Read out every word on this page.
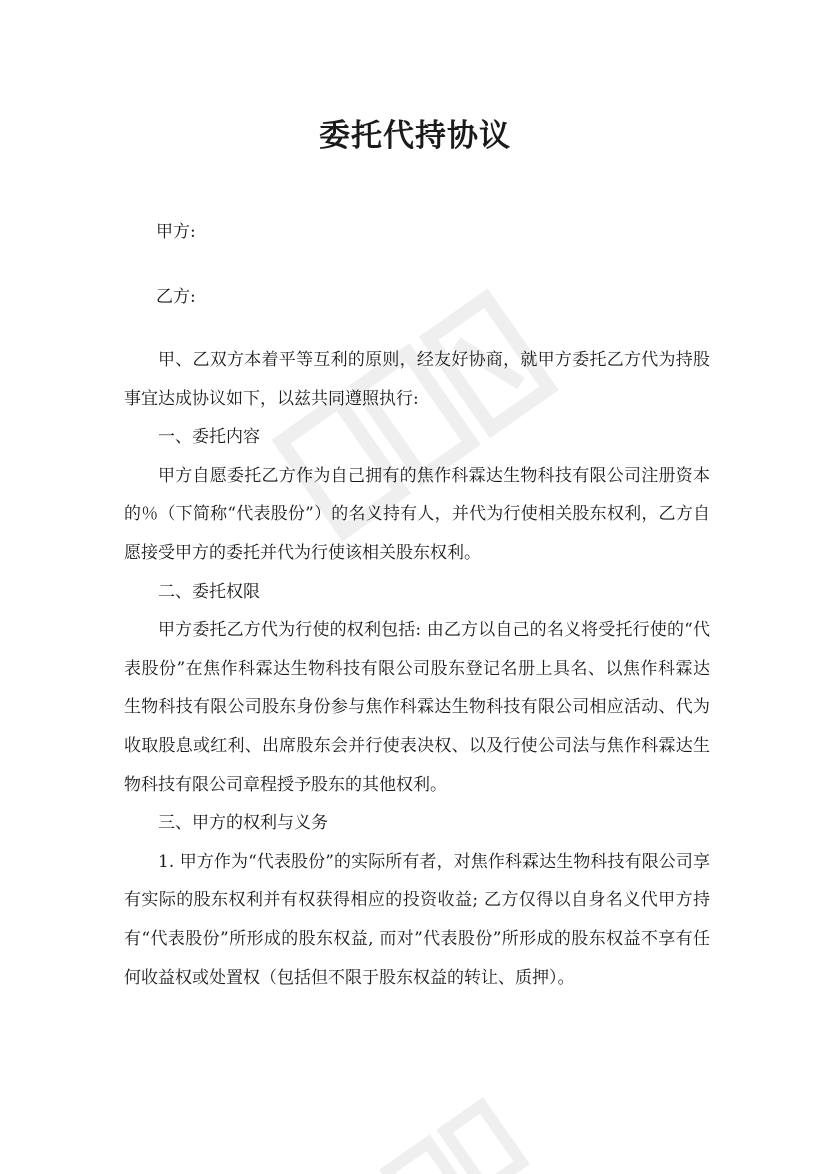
委托代持协议

甲方:

乙方:

甲、乙双方本着平等互利的原则，经友好协商，就甲方委托乙方代为持股事宜达成协议如下，以兹共同遵照执行:

一、委托内容

甲方自愿委托乙方作为自己拥有的焦作科霖达生物科技有限公司注册资本的％（下简称“代表股份”）的名义持有人，并代为行使相关股东权利，乙方自愿接受甲方的委托并代为行使该相关股东权利。

二、委托权限

甲方委托乙方代为行使的权利包括: 由乙方以自己的名义将受托行使的“代表股份”在焦作科霖达生物科技有限公司股东登记名册上具名、以焦作科霖达生物科技有限公司股东身份参与焦作科霖达生物科技有限公司相应活动、代为收取股息或红利、出席股东会并行使表决权、以及行使公司法与焦作科霖达生物科技有限公司章程授予股东的其他权利。

三、甲方的权利与义务

1. 甲方作为“代表股份”的实际所有者，对焦作科霖达生物科技有限公司享有实际的股东权利并有权获得相应的投资收益; 乙方仅得以自身名义代甲方持有“代表股份”所形成的股东权益, 而对”代表股份”所形成的股东权益不享有任何收益权或处置权（包括但不限于股东权益的转让、质押）。
